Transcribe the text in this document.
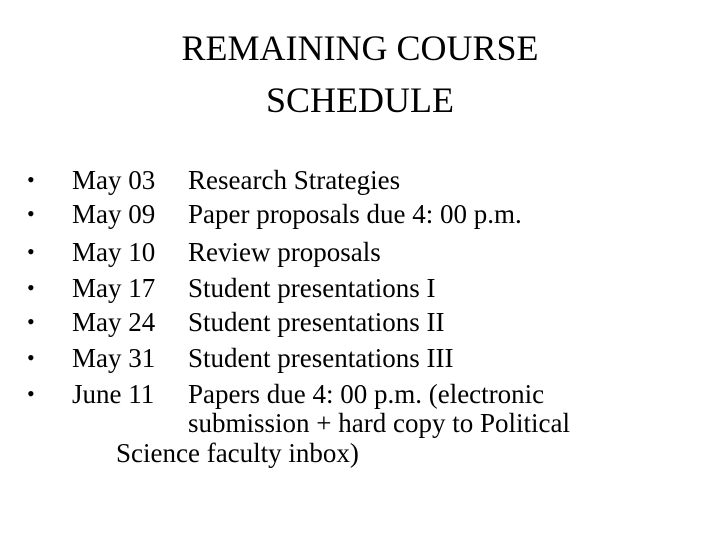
REMAINING COURSE
SCHEDULE
• May 03 Research Strategies
• May 09 Paper proposals due 4: 00 p.m.
• May 10 Review proposals
• May 17 Student presentations I
• May 24 Student presentations II
• May 31 Student presentations III
• June 11 Papers due 4: 00 p.m. (electronic
submission + hard copy to Political
Science faculty inbox)
